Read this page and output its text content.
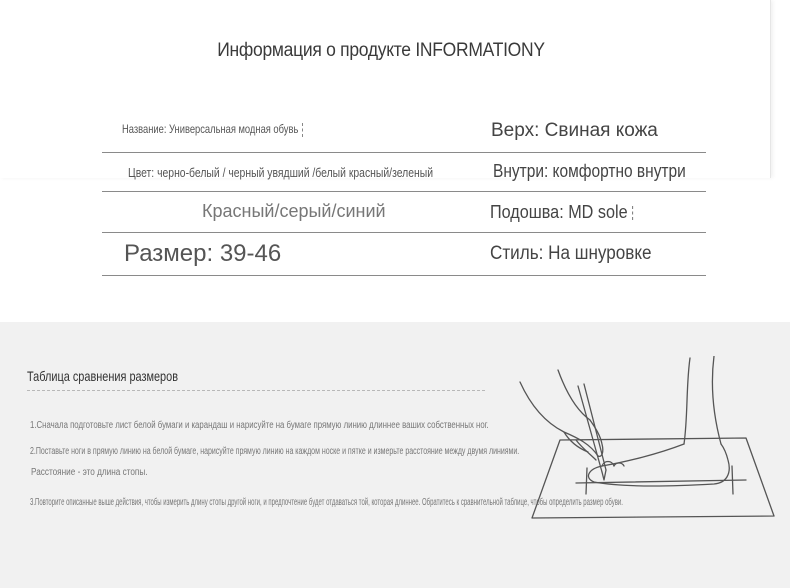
Информация о продукте INFORMATIONY
Название: Универсальная модная обувь	Верх: Свиная кожа
Цвет: черно-белый / черный увядший /белый красный/зеленый	Внутри: комфортно внутри
Красный/серый/синий	Подошва: MD sole
Размер: 39-46	Стиль: На шнуровке
Таблица сравнения размеров
1.Сначала подготовьте лист белой бумаги и карандаш и нарисуйте на бумаге прямую линию длиннее ваших собственных ног.
2.Поставьте ноги в прямую линию на белой бумаге, нарисуйте прямую линию на каждом носке и пятке и измерьте расстояние между двумя линиями.
Расстояние - это длина стопы.
3.Повторите описанные выше действия, чтобы измерить длину стопы другой ноги, и предпочтение будет отдаваться той, которая длиннее. Обратитесь к сравнительной таблице, чтобы определить размер обуви.
